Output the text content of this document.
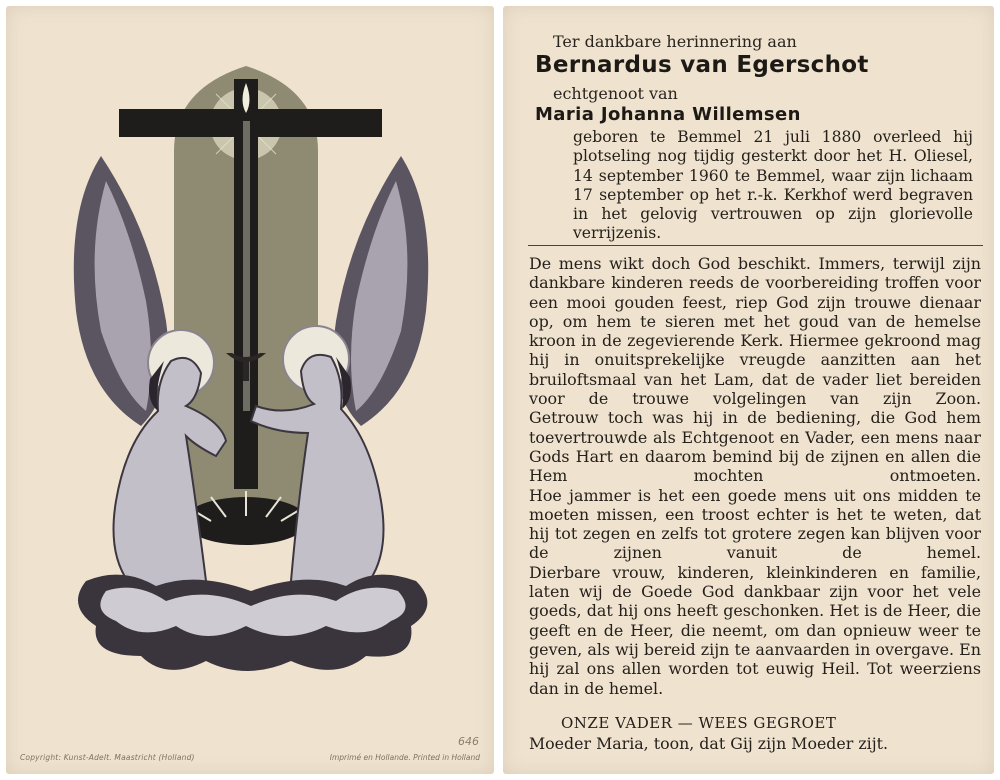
646
Copyright: Kunst-Adelt. Maastricht (Holland)	Imprimé en Hollande. Printed in Holland
Ter dankbare herinnering aan
Bernardus van Egerschot
echtgenoot van
Maria Johanna Willemsen

geboren te Bemmel 21 juli 1880 overleed hij plotseling nog tijdig gesterkt door het H. Oliesel, 14 september 1960 te Bemmel, waar zijn lichaam 17 september op het r.-k. Kerkhof werd begraven in het gelovig vertrouwen op zijn glorievolle verrijzenis.

De mens wikt doch God beschikt. Immers, terwijl zijn dankbare kinderen reeds de voorbereiding troffen voor een mooi gouden feest, riep God zijn trouwe dienaar op, om hem te sieren met het goud van de hemelse kroon in de zegevierende Kerk. Hiermee gekroond mag hij in onuitsprekelijke vreugde aanzitten aan het bruiloftsmaal van het Lam, dat de vader liet bereiden voor de trouwe volgelingen van zijn Zoon.

Getrouw toch was hij in de bediening, die God hem toevertrouwde als Echtgenoot en Vader, een mens naar Gods Hart en daarom bemind bij de zijnen en allen die Hem mochten ontmoeten.

Hoe jammer is het een goede mens uit ons midden te moeten missen, een troost echter is het te weten, dat hij tot zegen en zelfs tot grotere zegen kan blijven voor de zijnen vanuit de hemel.

Dierbare vrouw, kinderen, kleinkinderen en familie, laten wij de Goede God dankbaar zijn voor het vele goeds, dat hij ons heeft geschonken. Het is de Heer, die geeft en de Heer, die neemt, om dan opnieuw weer te geven, als wij bereid zijn te aanvaarden in overgave. En hij zal ons allen worden tot euwig Heil. Tot weerziens dan in de hemel.

ONZE VADER — WEES GEGROET
Moeder Maria, toon, dat Gij zijn Moeder zijt.
